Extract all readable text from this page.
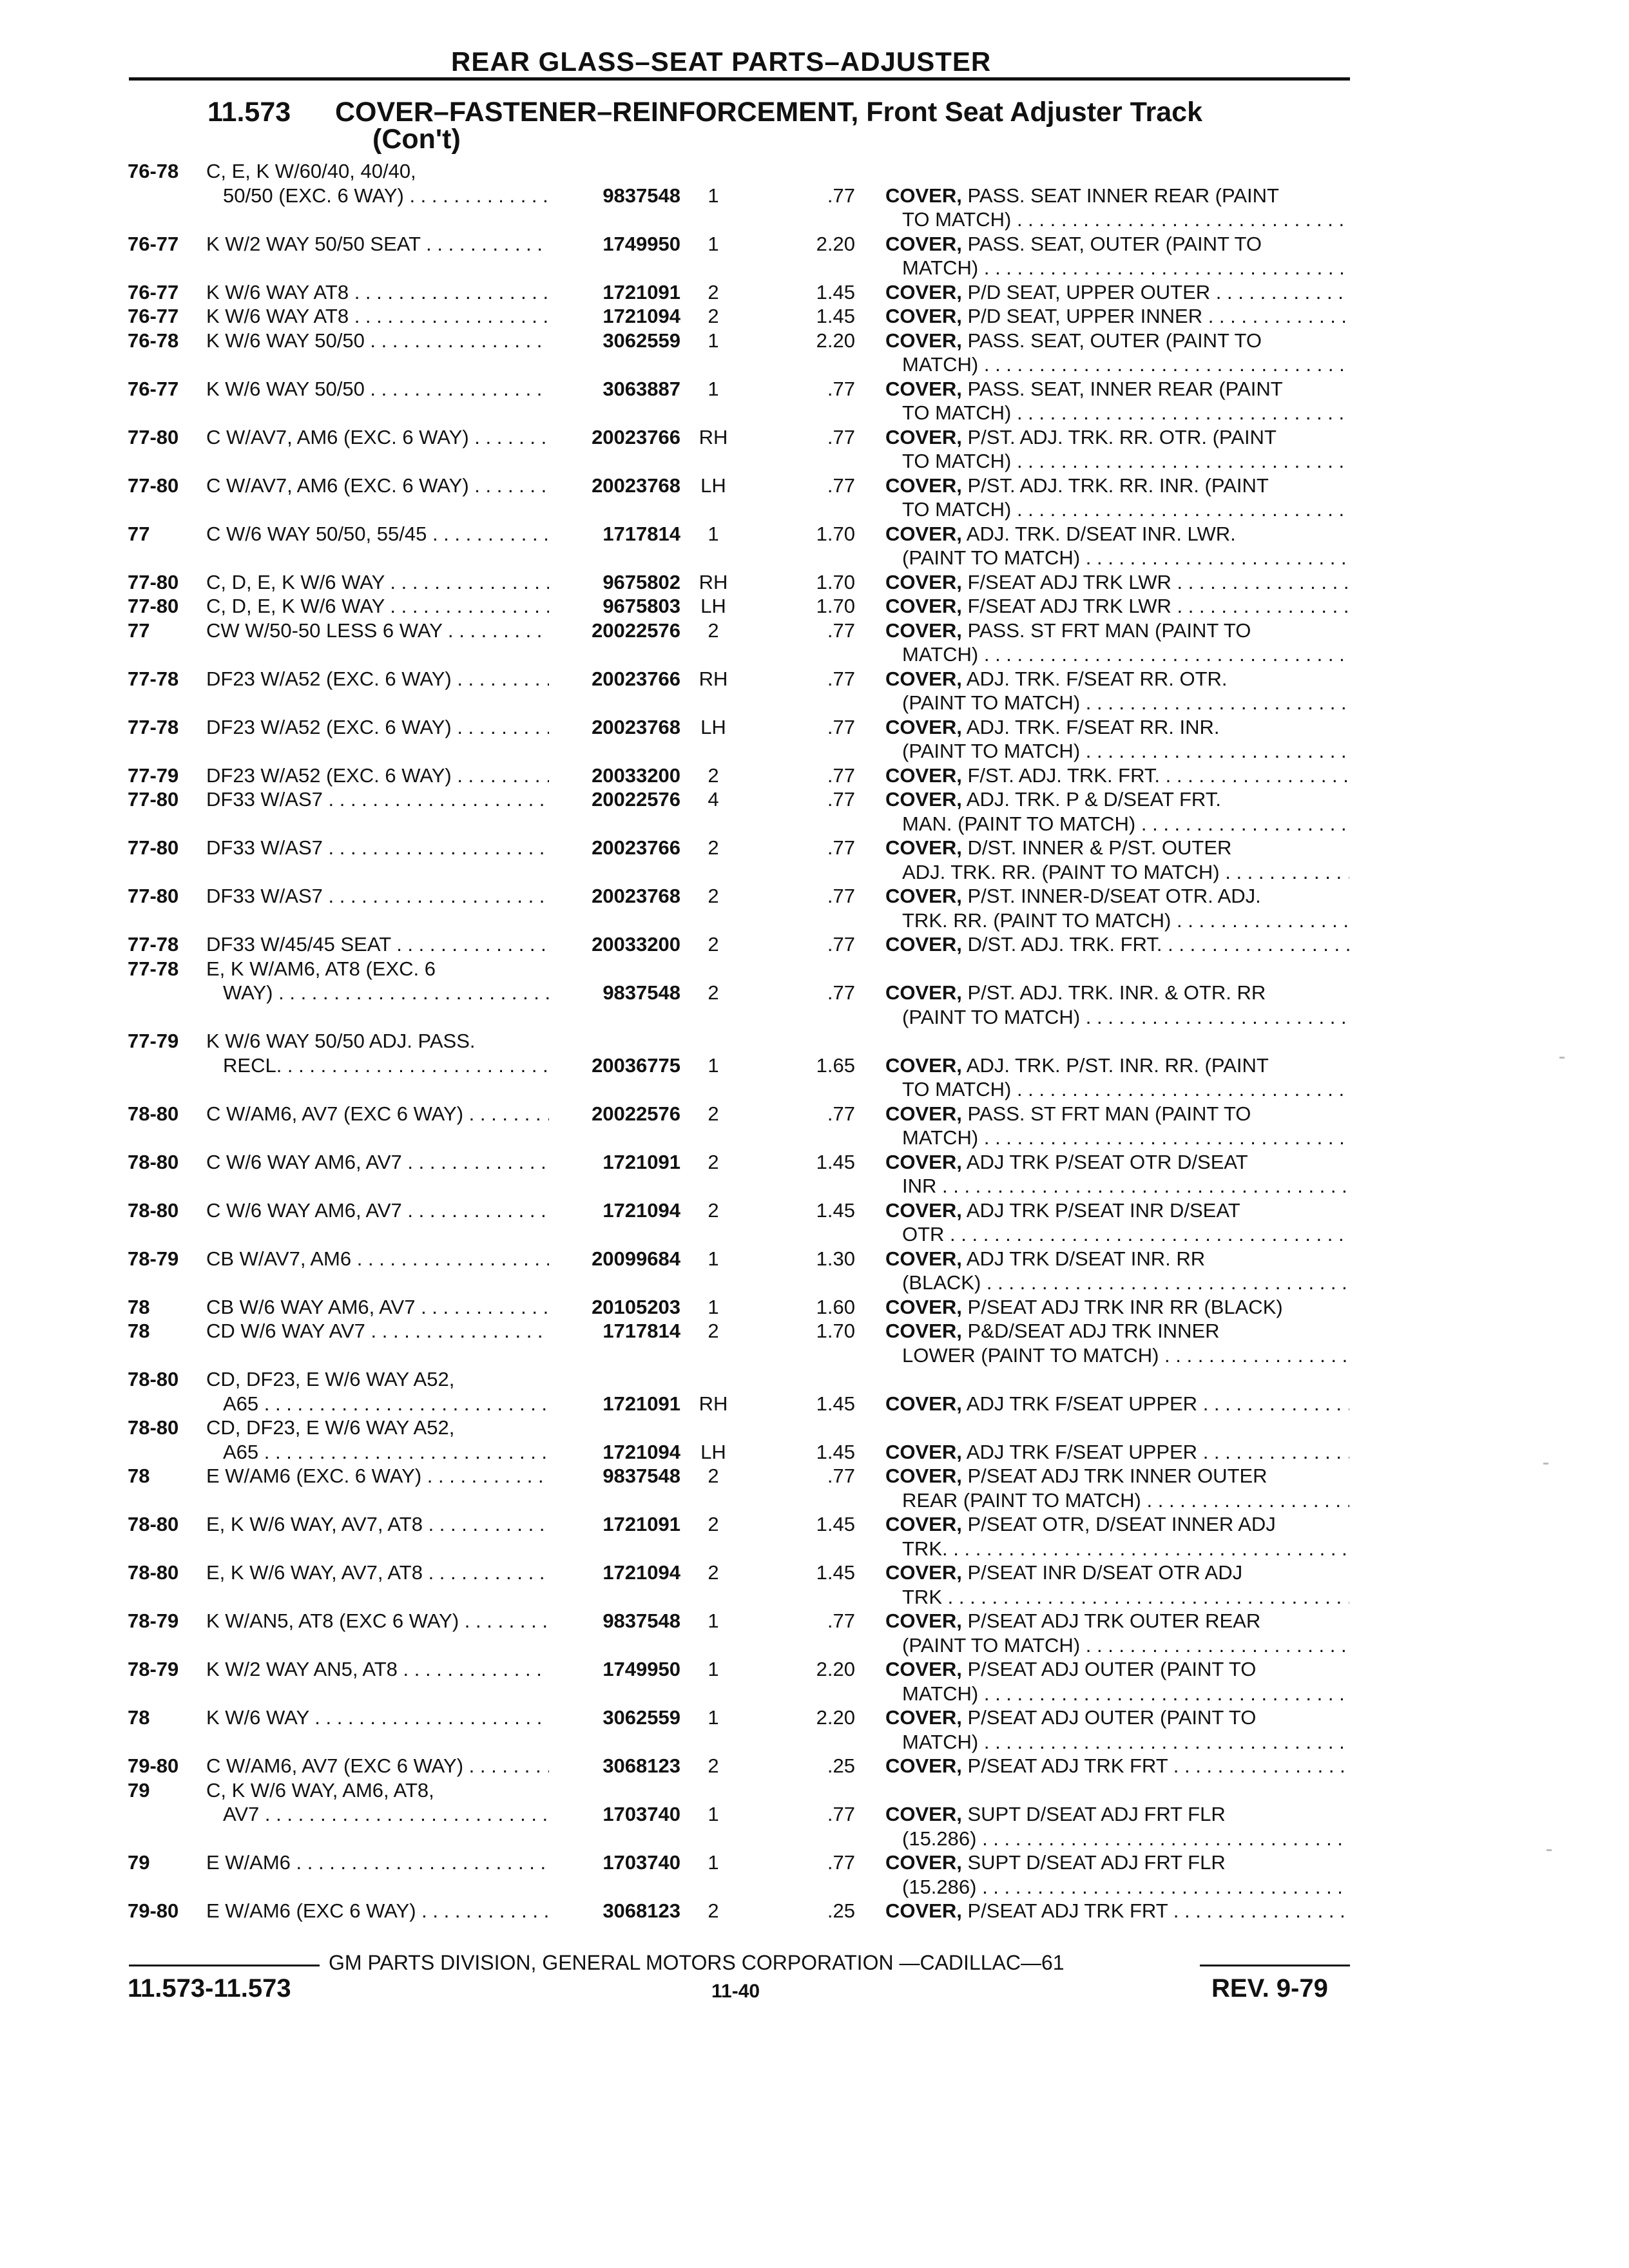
REAR GLASS–SEAT PARTS–ADJUSTER
11.573 COVER–FASTENER–REINFORCEMENT, Front Seat Adjuster Track
(Con't)
76-78 C, E, K W/60/40, 40/40,
50/50 (EXC. 6 WAY) . . .	9837548	1	.77 COVER, PASS. SEAT INNER REAR (PAINT
TO MATCH) . . .
76-77 K W/2 WAY 50/50 SEAT . . .	1749950	1	2.20 COVER, PASS. SEAT, OUTER (PAINT TO
MATCH) . . .
76-77 K W/6 WAY AT8 . . .	1721091	2	1.45 COVER, P/D SEAT, UPPER OUTER . . .
76-77 K W/6 WAY AT8 . . .	1721094	2	1.45 COVER, P/D SEAT, UPPER INNER . . .
76-78 K W/6 WAY 50/50 . . .	3062559	1	2.20 COVER, PASS. SEAT, OUTER (PAINT TO
MATCH) . . .
76-77 K W/6 WAY 50/50 . . .	3063887	1	.77 COVER, PASS. SEAT, INNER REAR (PAINT
TO MATCH) . . .
77-80 C W/AV7, AM6 (EXC. 6 WAY) . . .	20023766 RH	.77 COVER, P/ST. ADJ. TRK. RR. OTR. (PAINT
TO MATCH) . . .
77-80 C W/AV7, AM6 (EXC. 6 WAY) . . .	20023768	LH	.77 COVER, P/ST. ADJ. TRK. RR. INR. (PAINT
TO MATCH) . . .
77	C W/6 WAY 50/50, 55/45 . . .	1717814	1	1.70 COVER, ADJ. TRK. D/SEAT INR. LWR.
(PAINT TO MATCH) . . .
77-80 C, D, E, K W/6 WAY . . .	9675802 RH	1.70 COVER, F/SEAT ADJ TRK LWR . . .
77-80 C, D, E, K W/6 WAY . . .	9675803	LH	1.70 COVER, F/SEAT ADJ TRK LWR . . .
77	CW W/50-50 LESS 6 WAY . . .	20022576	2	.77 COVER, PASS. ST FRT MAN (PAINT TO
MATCH) . . .
77-78 DF23 W/A52 (EXC. 6 WAY) . . .	20023766 RH	.77 COVER, ADJ. TRK. F/SEAT RR. OTR.
(PAINT TO MATCH) . . .
77-78 DF23 W/A52 (EXC. 6 WAY) . . .	20023768	LH	.77 COVER, ADJ. TRK. F/SEAT RR. INR.
(PAINT TO MATCH) . . .
77-79 DF23 W/A52 (EXC. 6 WAY) . . .	20033200	2	.77 COVER, F/ST. ADJ. TRK. FRT. . . .
77-80 DF33 W/AS7 . . .	20022576	4	.77 COVER, ADJ. TRK. P & D/SEAT FRT.
MAN. (PAINT TO MATCH) . . .
77-80 DF33 W/AS7 . . .	20023766	2	.77 COVER, D/ST. INNER & P/ST. OUTER
ADJ. TRK. RR. (PAINT TO MATCH) . . .
77-80 DF33 W/AS7 . . .	20023768	2	.77 COVER, P/ST. INNER-D/SEAT OTR. ADJ.
TRK. RR. (PAINT TO MATCH) . . .
77-78 DF33 W/45/45 SEAT . . .	20033200	2	.77 COVER, D/ST. ADJ. TRK. FRT. . . .
77-78 E, K W/AM6, AT8 (EXC. 6
WAY) . . .	9837548	2	.77 COVER, P/ST. ADJ. TRK. INR. & OTR. RR
(PAINT TO MATCH) . . .
77-79 K W/6 WAY 50/50 ADJ. PASS.
RECL. . . .	20036775	1	1.65 COVER, ADJ. TRK. P/ST. INR. RR. (PAINT
TO MATCH) . . .
78-80 C W/AM6, AV7 (EXC 6 WAY) . . .	20022576	2	.77 COVER, PASS. ST FRT MAN (PAINT TO
MATCH) . . .
78-80 C W/6 WAY AM6, AV7 . . .	1721091	2	1.45 COVER, ADJ TRK P/SEAT OTR D/SEAT
INR . . .
78-80 C W/6 WAY AM6, AV7 . . .	1721094	2	1.45 COVER, ADJ TRK P/SEAT INR D/SEAT
OTR . . .
78-79 CB W/AV7, AM6 . . .	20099684	1	1.30 COVER, ADJ TRK D/SEAT INR. RR
(BLACK) . . .
78	CB W/6 WAY AM6, AV7 . . .	20105203	1	1.60 COVER, P/SEAT ADJ TRK INR RR (BLACK)
78	CD W/6 WAY AV7 . . .	1717814	2	1.70 COVER, P&D/SEAT ADJ TRK INNER
LOWER (PAINT TO MATCH) . . .
78-80 CD, DF23, E W/6 WAY A52,
A65 . . .	1721091 RH	1.45 COVER, ADJ TRK F/SEAT UPPER . . .
78-80 CD, DF23, E W/6 WAY A52,
A65 . . .	1721094	LH	1.45 COVER, ADJ TRK F/SEAT UPPER . . .
78	E W/AM6 (EXC. 6 WAY) . . .	9837548	2	.77 COVER, P/SEAT ADJ TRK INNER OUTER
REAR (PAINT TO MATCH) . . .
78-80 E, K W/6 WAY, AV7, AT8 . . .	1721091	2	1.45 COVER, P/SEAT OTR, D/SEAT INNER ADJ
TRK. . . .
78-80 E, K W/6 WAY, AV7, AT8 . . .	1721094	2	1.45 COVER, P/SEAT INR D/SEAT OTR ADJ
TRK . . .
78-79 K W/AN5, AT8 (EXC 6 WAY) . . .	9837548	1	.77 COVER, P/SEAT ADJ TRK OUTER REAR
(PAINT TO MATCH) . . .
78-79 K W/2 WAY AN5, AT8 . . .	1749950	1	2.20 COVER, P/SEAT ADJ OUTER (PAINT TO
MATCH) . . .
78	K W/6 WAY . . .	3062559	1	2.20 COVER, P/SEAT ADJ OUTER (PAINT TO
MATCH) . . .
79-80 C W/AM6, AV7 (EXC 6 WAY) . . .	3068123	2	.25 COVER, P/SEAT ADJ TRK FRT . . .
79	C, K W/6 WAY, AM6, AT8,
AV7 . . .	1703740	1	.77 COVER, SUPT D/SEAT ADJ FRT FLR
(15.286) . . .
79	E W/AM6 . . .	1703740	1	.77 COVER, SUPT D/SEAT ADJ FRT FLR
(15.286) . . .
79-80 E W/AM6 (EXC 6 WAY) . . .	3068123	2	.25 COVER, P/SEAT ADJ TRK FRT . . .
GM PARTS DIVISION, GENERAL MOTORS CORPORATION —CADILLAC—61
11.573-11.573	11-40	REV. 9-79
